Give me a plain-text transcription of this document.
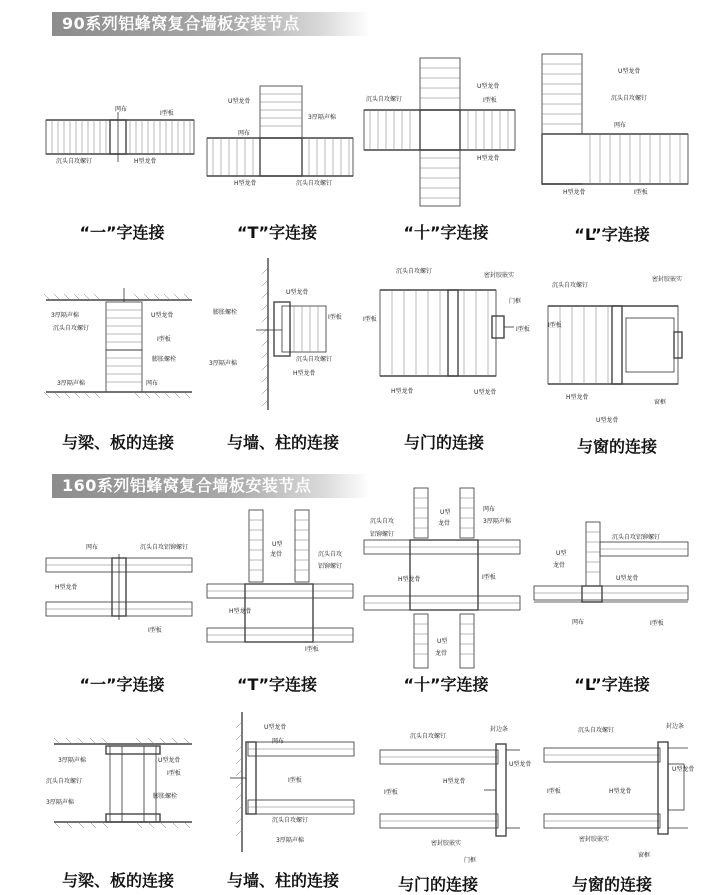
90系列铝蜂窝复合墙板安装节点
160系列铝蜂窝复合墙板安装节点
网布
I型板
沉头自攻螺钉	H型龙骨
U型龙骨
3厚隔声棉
网布
H型龙骨	沉头自攻螺钉
沉头自攻螺钉
U型龙骨
I型板
H型龙骨
U型龙骨
沉头自攻螺钉
网布
H型龙骨	I型板
“一”字连接	“T”字连接	“十”字连接	“L”字连接
3厚隔声棉	U型龙骨
沉头自攻螺钉
I型板
膨胀螺栓
3厚隔声棉	网布
U型龙骨
膨胀螺栓
I型板
3厚隔声棉
沉头自攻螺钉
H型龙骨
沉头自攻螺钉
密封胶嵌实
门框
I型板
I型板
H型龙骨	U型龙骨
沉头自攻螺钉
密封胶嵌实
I型板
H型龙骨
U型龙骨
窗框
与梁、板的连接	与墙、柱的连接	与门的连接	与窗的连接
网布	沉头自攻铝铆螺钉
H型龙骨
I型板
U型
龙骨	沉头自攻
铝铆螺钉
H型龙骨
I型板
沉头自攻
铝铆螺钉
U型
龙骨
网布
3厚隔声棉
H型龙骨	I型板
U型
龙骨
U型
龙骨
沉头自攻铝铆螺钉
U型龙骨
网布	I型板
“一”字连接	“T”字连接	“十”字连接	“L”字连接
3厚隔声棉	U型龙骨
I型板
沉头自攻螺钉
膨胀螺栓
3厚隔声棉
U型龙骨
网布
I型板
沉头自攻螺钉
3厚隔声棉
沉头自攻螺钉
封边条
U型龙骨
H型龙骨
I型板
密封胶嵌实
门框
沉头自攻螺钉
封边条
U型龙骨
H型龙骨
I型板
密封胶嵌实
窗框
与梁、板的连接	与墙、柱的连接	与门的连接	与窗的连接
